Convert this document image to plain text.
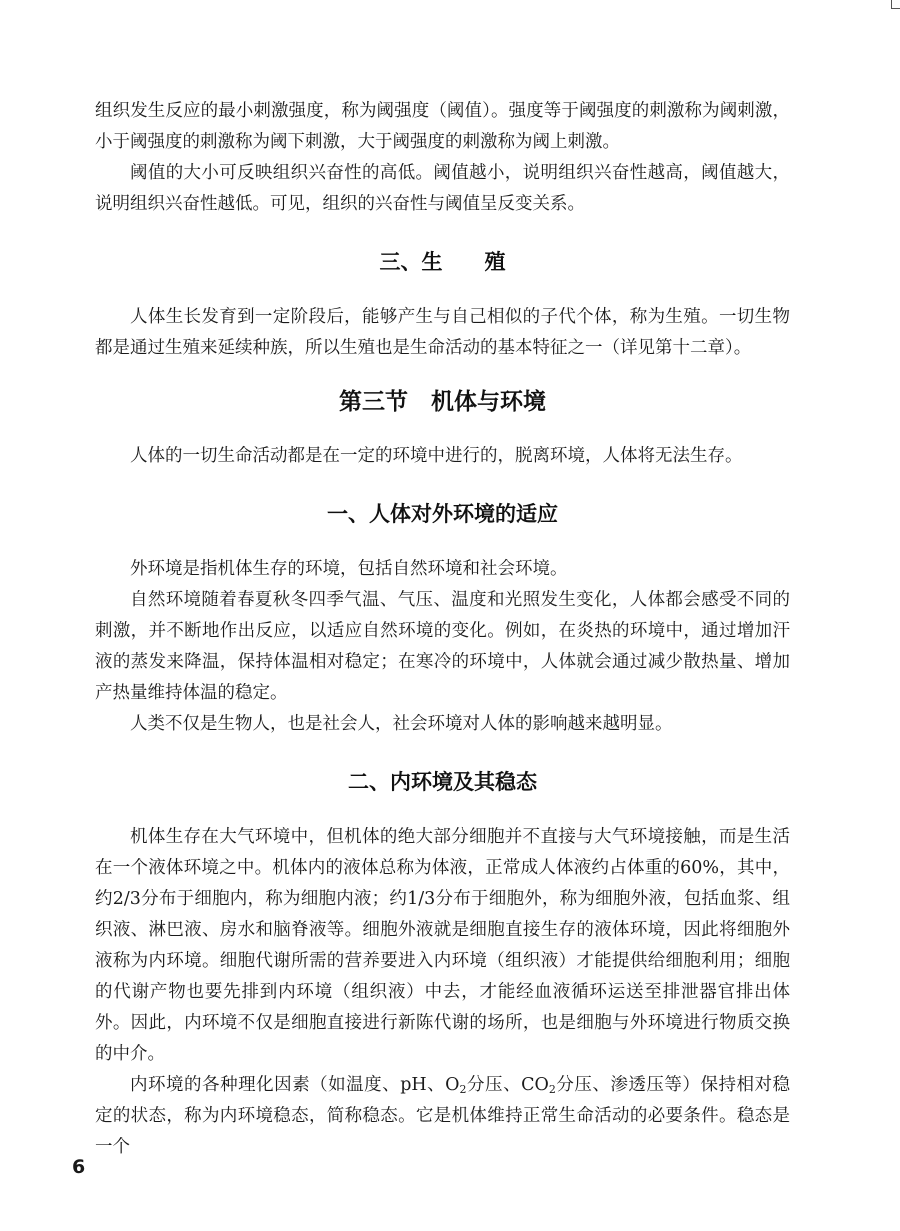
组织发生反应的最小刺激强度，称为阈强度（阈值）。强度等于阈强度的刺激称为阈刺激，小于阈强度的刺激称为阈下刺激，大于阈强度的刺激称为阈上刺激。

阈值的大小可反映组织兴奋性的高低。阈值越小，说明组织兴奋性越高，阈值越大，说明组织兴奋性越低。可见，组织的兴奋性与阈值呈反变关系。

三、生　　殖

人体生长发育到一定阶段后，能够产生与自己相似的子代个体，称为生殖。一切生物都是通过生殖来延续种族，所以生殖也是生命活动的基本特征之一（详见第十二章）。

第三节　机体与环境

人体的一切生命活动都是在一定的环境中进行的，脱离环境，人体将无法生存。

一、人体对外环境的适应

外环境是指机体生存的环境，包括自然环境和社会环境。

自然环境随着春夏秋冬四季气温、气压、温度和光照发生变化，人体都会感受不同的刺激，并不断地作出反应，以适应自然环境的变化。例如，在炎热的环境中，通过增加汗液的蒸发来降温，保持体温相对稳定；在寒冷的环境中，人体就会通过减少散热量、增加产热量维持体温的稳定。

人类不仅是生物人，也是社会人，社会环境对人体的影响越来越明显。

二、内环境及其稳态

机体生存在大气环境中，但机体的绝大部分细胞并不直接与大气环境接触，而是生活在一个液体环境之中。机体内的液体总称为体液，正常成人体液约占体重的60%，其中，约2/3分布于细胞内，称为细胞内液；约1/3分布于细胞外，称为细胞外液，包括血浆、组织液、淋巴液、房水和脑脊液等。细胞外液就是细胞直接生存的液体环境，因此将细胞外液称为内环境。细胞代谢所需的营养要进入内环境（组织液）才能提供给细胞利用；细胞的代谢产物也要先排到内环境（组织液）中去，才能经血液循环运送至排泄器官排出体外。因此，内环境不仅是细胞直接进行新陈代谢的场所，也是细胞与外环境进行物质交换的中介。

内环境的各种理化因素（如温度、pH、$O_2$分压、$CO_2$分压、渗透压等）保持相对稳定的状态，称为内环境稳态，简称稳态。它是机体维持正常生命活动的必要条件。稳态是一个

6
